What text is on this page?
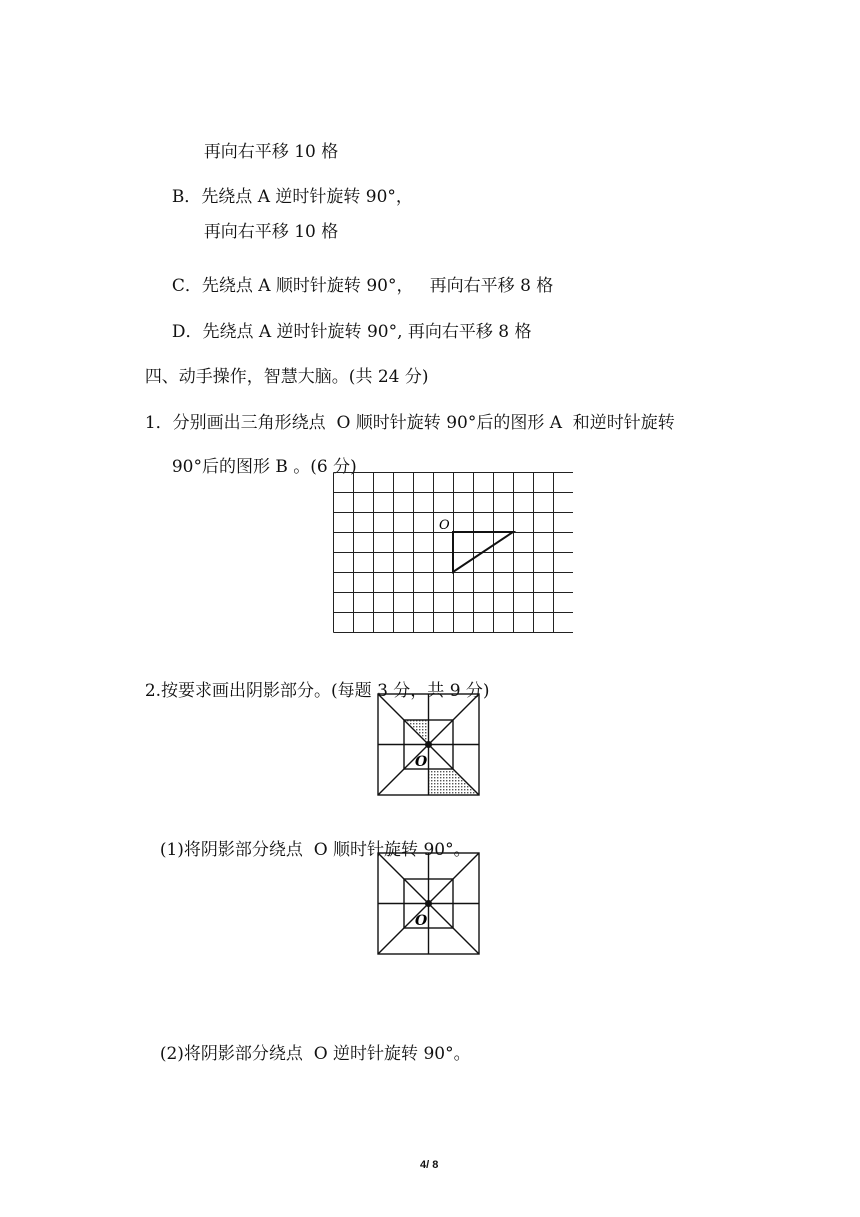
再向右平移 10 格

B．先绕点 A 逆时针旋转 90°，

再向右平移 10 格

C．先绕点 A 顺时针旋转 90°，   再向右平移 8 格

D．先绕点 A 逆时针旋转 90°, 再向右平移 8 格

四、动手操作，智慧大脑。(共 24 分)

1．分别画出三角形绕点  O 顺时针旋转 90°后的图形 A  和逆时针旋转

90°后的图形 B 。(6 分)

O

2.按要求画出阴影部分。(每题 3 分，共 9 分)

O

(1)将阴影部分绕点  O 顺时针旋转 90°。

O

(2)将阴影部分绕点  O 逆时针旋转 90°。

4/ 8
